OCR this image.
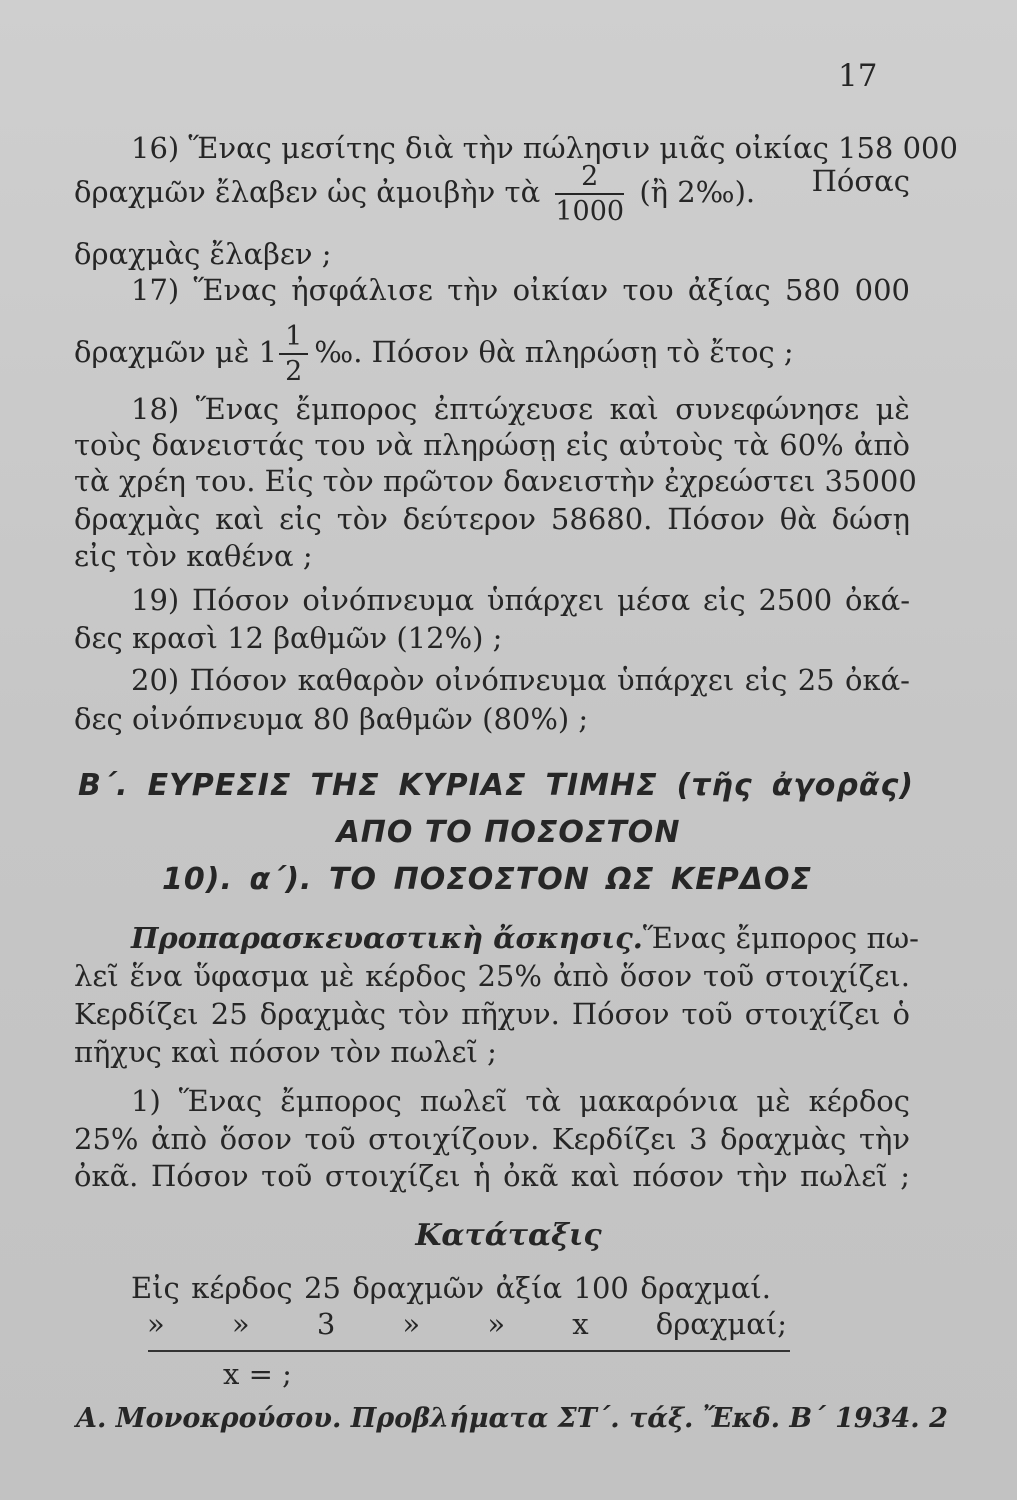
17
16) Ἕνας μεσίτης διὰ τὴν πώλησιν μιᾶς οἰκίας 158 000
δραχμῶν ἔλαβεν ὡς ἀμοιβὴν τὰ $\frac{2}{1000}$ (ἢ 2‰). Πόσας
δραχμὰς ἔλαβεν ;
17) Ἕνας ἠσφάλισε τὴν οἰκίαν του ἀξίας 580 000
δραχμῶν μὲ $1 \frac{1}{2}$ ‰. Πόσον θὰ πληρώσῃ τὸ ἔτος ;
18) Ἕνας ἔμπορος ἐπτώχευσε καὶ συνεφώνησε μὲ
τοὺς δανειστάς του νὰ πληρώσῃ εἰς αὐτοὺς τὰ 60% ἀπὸ
τὰ χρέη του. Εἰς τὸν πρῶτον δανειστὴν ἐχρεώστει 35000
δραχμὰς καὶ εἰς τὸν δεύτερον 58680. Πόσον θὰ δώσῃ
εἰς τὸν καθένα ;
19) Πόσον οἰνόπνευμα ὑπάρχει μέσα εἰς 2500 ὀκά-
δες κρασὶ 12 βαθμῶν (12%) ;
20) Πόσον καθαρὸν οἰνόπνευμα ὑπάρχει εἰς 25 ὀκά-
δες οἰνόπνευμα 80 βαθμῶν (80%) ;
Β΄. ΕΥΡΕΣΙΣ ΤΗΣ ΚΥΡΙΑΣ ΤΙΜΗΣ (τῆς ἀγορᾶς)
ΑΠΟ ΤΟ ΠΟΣΟΣΤΟΝ
10). α΄). ΤΟ ΠΟΣΟΣΤΟΝ ΩΣ ΚΕΡΔΟΣ
Προπαρασκευαστικὴ ἄσκησις. Ἕνας ἔμπορος πω-
λεῖ ἕνα ὕφασμα μὲ κέρδος 25% ἀπὸ ὅσον τοῦ στοιχίζει.
Κερδίζει 25 δραχμὰς τὸν πῆχυν. Πόσον τοῦ στοιχίζει ὁ
πῆχυς καὶ πόσον τὸν πωλεῖ ;
1) Ἕνας ἔμπορος πωλεῖ τὰ μακαρόνια μὲ κέρδος
25% ἀπὸ ὅσον τοῦ στοιχίζουν. Κερδίζει 3 δραχμὰς τὴν
ὀκᾶ. Πόσον τοῦ στοιχίζει ἡ ὀκᾶ καὶ πόσον τὴν πωλεῖ ;
Κατάταξις
Εἰς κέρδος 25 δραχμῶν ἀξία 100 δραχμαί.
» » 3 » » x δραχμαί;
x = ;
Α. Μονοκρούσου. Προβλήματα ΣΤ΄. τάξ. Ἔκδ. Β΄ 1934. 2
